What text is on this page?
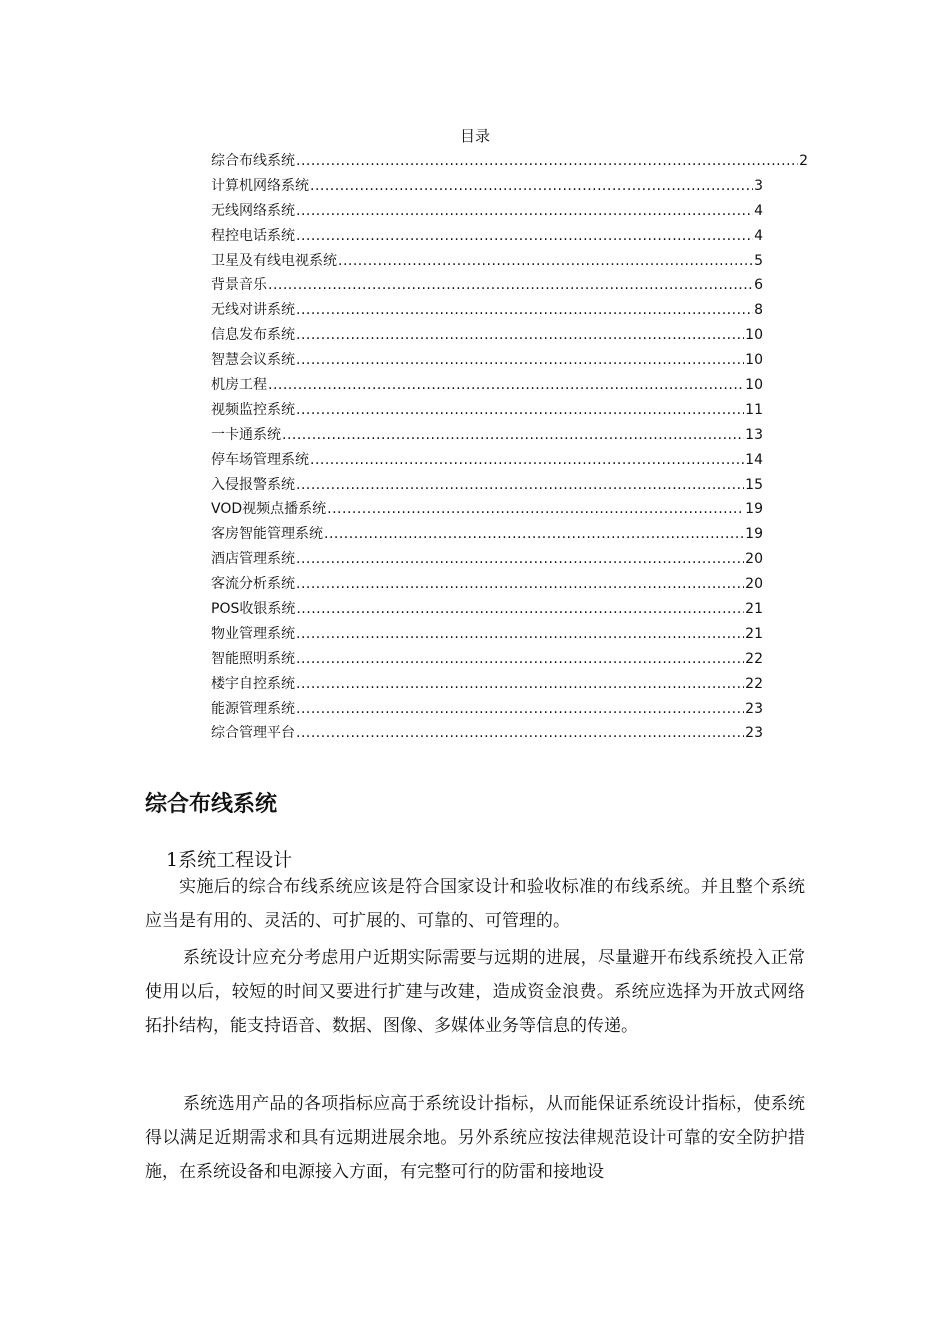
目录
综合布线系统 .....	2
计算机网络系统 .....	3
无线网络系统 .....	4
程控电话系统 .....	4
卫星及有线电视系统 .....	5
背景音乐 .....	6
无线对讲系统 .....	8
信息发布系统 .....	10
智慧会议系统 .....	10
机房工程 .....	10
视频监控系统 .....	11
一卡通系统 .....	13
停车场管理系统 .....	14
入侵报警系统 .....	15
VOD视频点播系统 .....	19
客房智能管理系统 .....	19
酒店管理系统 .....	20
客流分析系统 .....	20
POS收银系统 .....	21
物业管理系统 .....	21
智能照明系统 .....	22
楼宇自控系统 .....	22
能源管理系统 .....	23
综合管理平台 .....	23
综合布线系统
1系统工程设计

实施后的综合布线系统应该是符合国家设计和验收标准的布线系统。并且整个系统应当是有用的、灵活的、可扩展的、可靠的、可管理的。

系统设计应充分考虑用户近期实际需要与远期的进展，尽量避开布线系统投入正常使用以后，较短的时间又要进行扩建与改建，造成资金浪费。系统应选择为开放式网络拓扑结构，能支持语音、数据、图像、多媒体业务等信息的传递。

系统选用产品的各项指标应高于系统设计指标，从而能保证系统设计指标，使系统得以满足近期需求和具有远期进展余地。另外系统应按法律规范设计可靠的安全防护措施，在系统设备和电源接入方面，有完整可行的防雷和接地设
